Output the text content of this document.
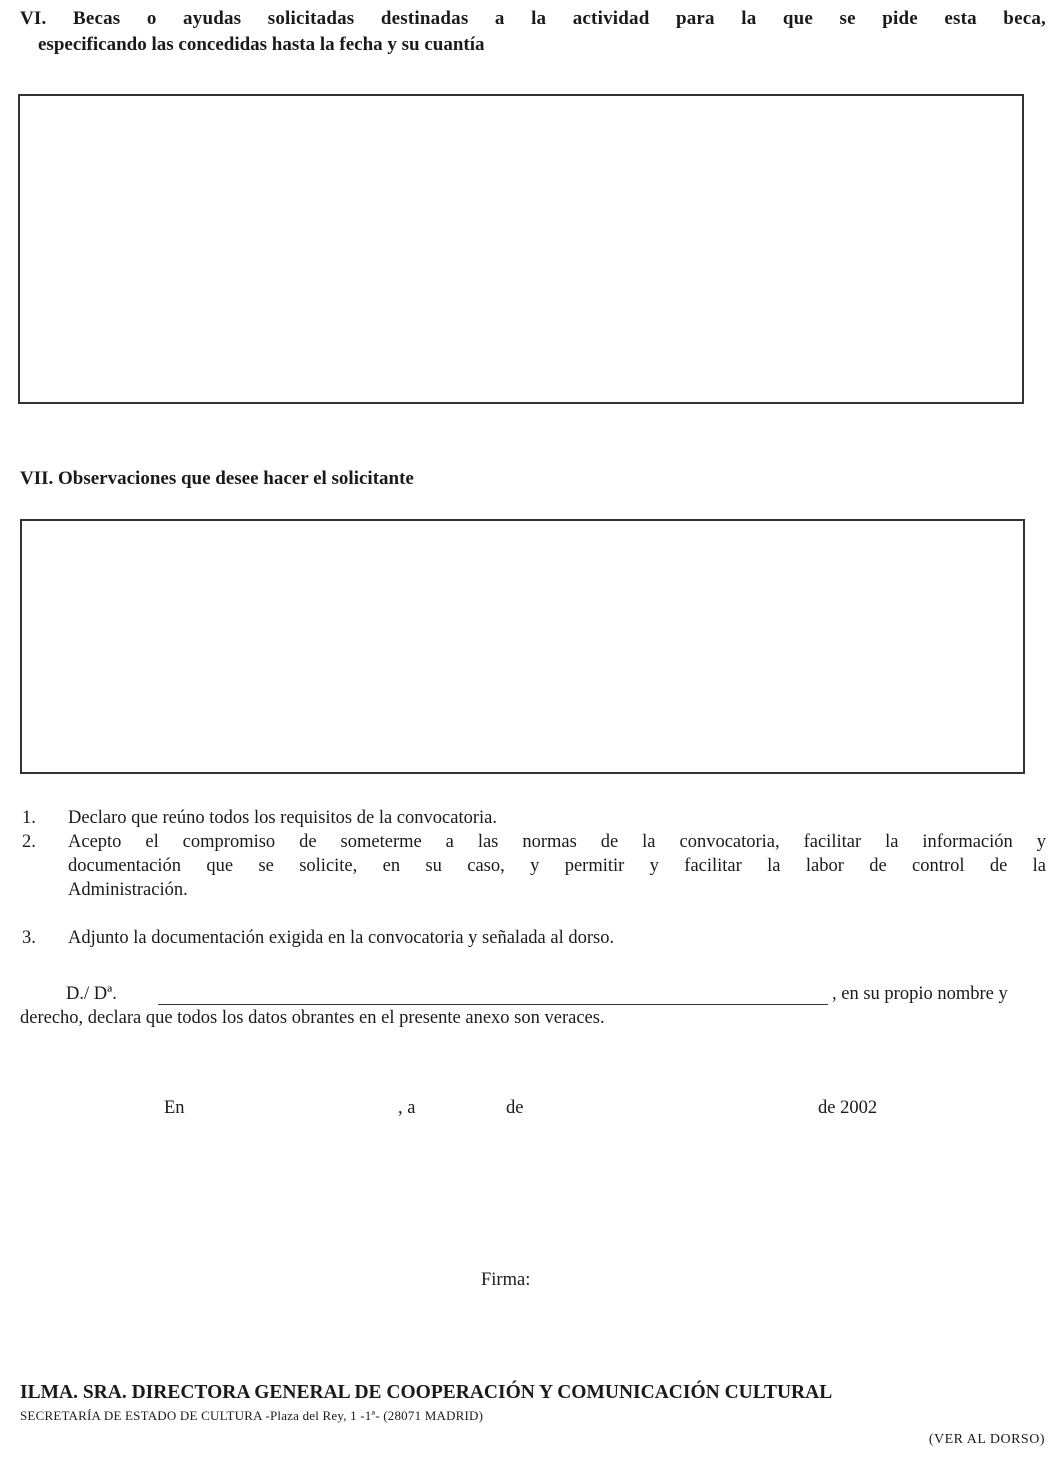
VI. Becas o ayudas solicitadas destinadas a la actividad para la que se pide esta beca,
especificando las concedidas hasta la fecha y su cuantía
VII. Observaciones que desee hacer el solicitante
1. Declaro que reúno todos los requisitos de la convocatoria.
2. Acepto el compromiso de someterme a las normas de la convocatoria, facilitar la información y
documentación que se solicite, en su caso, y permitir y facilitar la labor de control de la
Administración.
3. Adjunto la documentación exigida en la convocatoria y señalada al dorso.
D./ Dª.	, en su propio nombre y
derecho, declara que todos los datos obrantes en el presente anexo son veraces.
En	, a	de	de 2002
Firma:
ILMA. SRA. DIRECTORA GENERAL DE COOPERACIÓN Y COMUNICACIÓN CULTURAL
SECRETARÍA DE ESTADO DE CULTURA -Plaza del Rey, 1 -1ª- (28071 MADRID)
(VER AL DORSO)
